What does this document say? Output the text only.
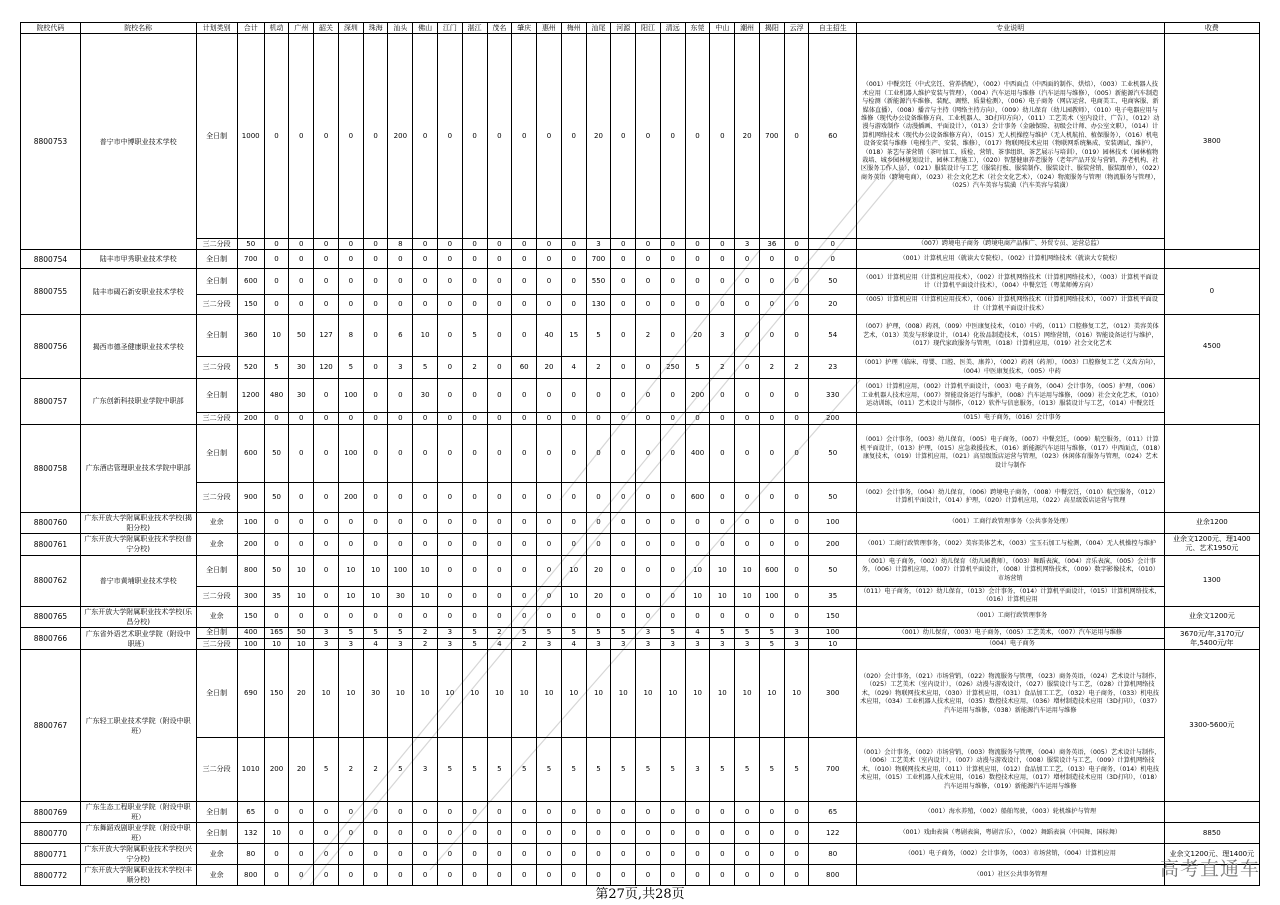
院校代码	院校名称	计划类别	合计	机动	广州	韶关	深圳	珠海	汕头	佛山	江门	湛江	茂名	肇庆	惠州	梅州	汕尾	河源	阳江	清远	东莞	中山	潮州	揭阳	云浮	自主招生	专业说明	收费
8800753	普宁市中博职业技术学校	全日制	1000	0	0	0	0	0	200	0	0	0	0	0	0	0	20	0	0	0	0	0	20	700	0	60	（001）中餐烹饪（中式烹饪、营养搭配），（002）中西面点（中西面的制作、烘焙），（003）工业机器人技术应用（工业机器人维护安装与管理），（004）汽车运用与维修（汽车运用与维修），（005）新能源汽车制造与检测（新能源汽车维修、装配、调整、质量检测），（006）电子商务（网店运营、电商美工、电商客服、新媒体直播），（008）播音与主持（网络主持方向），（009）幼儿保育（幼儿园教师），（010）电子电器应用与维修（现代办公设备维修方向、工业机器人、3D打印方向），（011）工艺美术（室内设计、广告），（012）动漫与游戏制作（动漫插画、平面设计），（013）会计事务（金融保险、初级会计师、办公室文职），（014）计算机网络技术（现代办公设备维修方向），（015）无人机操控与维护（无人机航拍、植保服务），（016）机电设备安装与维修（电梯生产、安装、维修），（017）物联网技术应用（物联网系统集成、安装调试、维护），（018）茶艺与茶营销（茶叶加工、质检、营销、茶事组织、茶艺展示与培训），（019）园林技术（园林植物栽培、城乡园林规划设计、园林工程施工），（020）智慧健康养老服务（老年产品开发与营销、养老机构、社区服务工作人员），（021）服装设计与工艺（服装打板、服装制作、服装设计、服装营销、服装跟单），（022）商务英语（跨境电商），（023）社会文化艺术（社会文化艺术），（024）物流服务与管理（物流服务与管理），（025）汽车美容与装潢（汽车美容与装潢）	3800
		三二分段	50	0	0	0	0	0	8	0	0	0	0	0	0	0	3	0	0	0	0	0	3	36	0	0	（007）跨境电子商务（跨境电商产品推广、外贸专员、运营总监）	
8800754	陆丰市甲秀职业技术学校	全日制	700	0	0	0	0	0	0	0	0	0	0	0	0	0	700	0	0	0	0	0	0	0	0	0	（001）计算机应用（就读大专院校），（002）计算机网络技术（就读大专院校）	
8800755	陆丰市碣石新安职业技术学校	全日制	600	0	0	0	0	0	0	0	0	0	0	0	0	0	550	0	0	0	0	0	0	0	0	50	（001）计算机应用（计算机应用技术），（002）计算机网络技术（计算机网络技术），（003）计算机平面设计（计算机平面设计技术），（004）中餐烹饪（粤菜师傅方向）	0
		三二分段	150	0	0	0	0	0	0	0	0	0	0	0	0	0	130	0	0	0	0	0	0	0	0	20	（005）计算机应用（计算机应用技术），（006）计算机网络技术（计算机网络技术），（007）计算机平面设计（计算机平面设计技术）	
8800756	揭西市德圣健康职业技术学校	全日制	360	10	50	127	8	0	6	10	0	5	0	0	40	15	5	0	2	0	20	3	0	0	0	54	（007）护理，（008）药剂，（009）中医康复技术，（010）中药，（011）口腔修复工艺，（012）美容美体艺术，（013）美发与形象设计，（014）化妆品制造技术，（015）网络营销，（016）智能设备运行与维护，（017）现代家政服务与管理，（018）计算机应用，（019）社会文化艺术	4500
		三二分段	520	5	30	120	5	0	3	5	0	2	0	60	20	4	2	0	0	250	5	2	0	2	2	23	（001）护理（临床、母婴、口腔、医美、康养），（002）药剂（药剂），（003）口腔修复工艺（义齿方向），（004）中医康复技术，（005）中药	
8800757	广东创新科技职业学院中职部	全日制	1200	480	30	0	100	0	0	30	0	0	0	0	0	0	0	0	0	0	200	0	0	0	0	330	（001）计算机应用，（002）计算机平面设计，（003）电子商务，（004）会计事务，（005）护理，（006）工业机器人技术应用，（007）智能设备运行与维护，（008）汽车运用与维修，（009）社会文化艺术，（010）运动训练，（011）艺术设计与制作，（012）软件与信息服务，（013）服装设计与工艺，（014）中餐烹饪	
		三二分段	200	0	0	0	0	0	0	0	0	0	0	0	0	0	0	0	0	0	0	0	0	0	0	200	（015）电子商务，（016）会计事务	
8800758	广东酒店管理职业技术学院中职部	全日制	600	50	0	0	100	0	0	0	0	0	0	0	0	0	0	0	0	0	400	0	0	0	0	50	（001）会计事务，（003）幼儿保育，（005）电子商务，（007）中餐烹饪，（009）航空服务，（011）计算机平面设计，（013）护理，（015）应急救援技术，（016）新能源汽车运用与维修，（017）中西面点，（018）康复技术，（019）计算机应用，（021）高星级饭店运营与管理，（023）休闲体育服务与管理，（024）艺术设计与制作	
		三二分段	900	50	0	0	200	0	0	0	0	0	0	0	0	0	0	0	0	0	600	0	0	0	0	50	（002）会计事务，（004）幼儿保育，（006）跨境电子商务，（008）中餐烹饪，（010）航空服务，（012）计算机平面设计，（014）护理，（020）计算机应用，（022）高星级饭店运营与管理	
8800760	广东开放大学附属职业技术学校(揭阳分校)	业余	100	0	0	0	0	0	0	0	0	0	0	0	0	0	0	0	0	0	0	0	0	0	0	100	（001）工商行政管理事务（公共事务处理）	业余1200
8800761	广东开放大学附属职业技术学校(普宁分校)	业余	200	0	0	0	0	0	0	0	0	0	0	0	0	0	0	0	0	0	0	0	0	0	0	200	（001）工商行政管理事务，（002）美容美体艺术，（003）宝玉石加工与检测，（004）无人机操控与维护	业余文1200元、理1400元、艺术1950元
8800762	普宁市黄埔职业技术学校	全日制	800	50	10	0	10	10	100	10	0	0	0	0	0	10	20	0	0	0	10	10	10	600	0	50	（001）电子商务，（002）幼儿保育（幼儿园教师），（003）舞蹈表演，（004）音乐表演，（005）会计事务，（006）计算机应用，（007）计算机平面设计，（008）计算机网络技术，（009）数字影像技术，（010）市场营销	1300
		三二分段	300	35	10	0	10	10	30	10	0	0	0	0	0	10	20	0	0	0	10	10	10	100	0	35	（011）电子商务，（012）幼儿保育，（013）会计事务，（014）计算机平面设计，（015）计算机网络技术，（016）计算机应用	
8800765	广东开放大学附属职业技术学校(乐昌分校)	业余	150	0	0	0	0	0	0	0	0	0	0	0	0	0	0	0	0	0	0	0	0	0	0	150	（001）工商行政管理事务	业余文1200元
8800766	广东省外语艺术职业学院（附设中职班）	全日制	400	165	50	3	5	5	5	2	3	5	2	5	5	5	5	5	3	5	4	5	5	5	3	100	（001）幼儿保育，（003）电子商务，（005）工艺美术，（007）汽车运用与维修	3670元/年,3170元/年,5400元/年
		三二分段	100	10	10	3	3	4	3	2	3	5	4	2	3	4	3	3	3	3	3	3	3	5	3	10	（004）电子商务	
8800767	广东轻工职业技术学院（附设中职班）	全日制	690	150	20	10	10	30	10	10	10	10	10	10	10	10	10	10	10	10	10	10	10	10	10	300	（020）会计事务，（021）市场营销，（022）物流服务与管理，（023）商务英语，（024）艺术设计与制作，（025）工艺美术（室内设计），（026）动漫与游戏设计，（027）服装设计与工艺，（028）计算机网络技术，（029）物联网技术应用，（030）计算机应用，（031）食品加工工艺，（032）电子商务，（033）机电技术应用，（034）工业机器人技术应用，（035）数控技术应用，（036）增材制造技术应用（3D打印），（037）汽车运用与维修，（038）新能源汽车运用与维修	3300-5600元
		三二分段	1010	200	20	5	2	2	5	3	5	5	5	5	5	5	5	5	5	5	3	5	5	5	5	700	（001）会计事务，（002）市场营销，（003）物流服务与管理，（004）商务英语，（005）艺术设计与制作，（006）工艺美术（室内设计），（007）动漫与游戏设计，（008）服装设计与工艺，（009）计算机网络技术，（010）物联网技术应用，（011）计算机应用，（012）食品加工工艺，（013）电子商务，（014）机电技术应用，（015）工业机器人技术应用，（016）数控技术应用，（017）增材制造技术应用（3D打印），（018）汽车运用与维修，（019）新能源汽车运用与维修	
8800769	广东生态工程职业学院（附设中职班）	全日制	65	0	0	0	0	0	0	0	0	0	0	0	0	0	0	0	0	0	0	0	0	0	0	65	（001）海水养殖，（002）船舶驾驶，（003）轮机维护与管理	
8800770	广东舞蹈戏剧职业学院（附设中职班）	全日制	132	10	0	0	0	0	0	0	0	0	0	0	0	0	0	0	0	0	0	0	0	0	0	122	（001）戏曲表演（粤剧表演，粤剧音乐），（002）舞蹈表演（中国舞、国标舞）	8850
8800771	广东开放大学附属职业技术学校(兴宁分校)	业余	80	0	0	0	0	0	0	0	0	0	0	0	0	0	0	0	0	0	0	0	0	0	0	80	（001）电子商务，（002）会计事务，（003）市场营销，（004）计算机应用	业余文1200元、理1400元
8800772	广东开放大学附属职业技术学校(丰顺分校)	业余	800	0	0	0	0	0	0	0	0	0	0	0	0	0	0	0	0	0	0	0	0	0	0	800	（001）社区公共事务管理	
第27页,共28页
高考直通车
